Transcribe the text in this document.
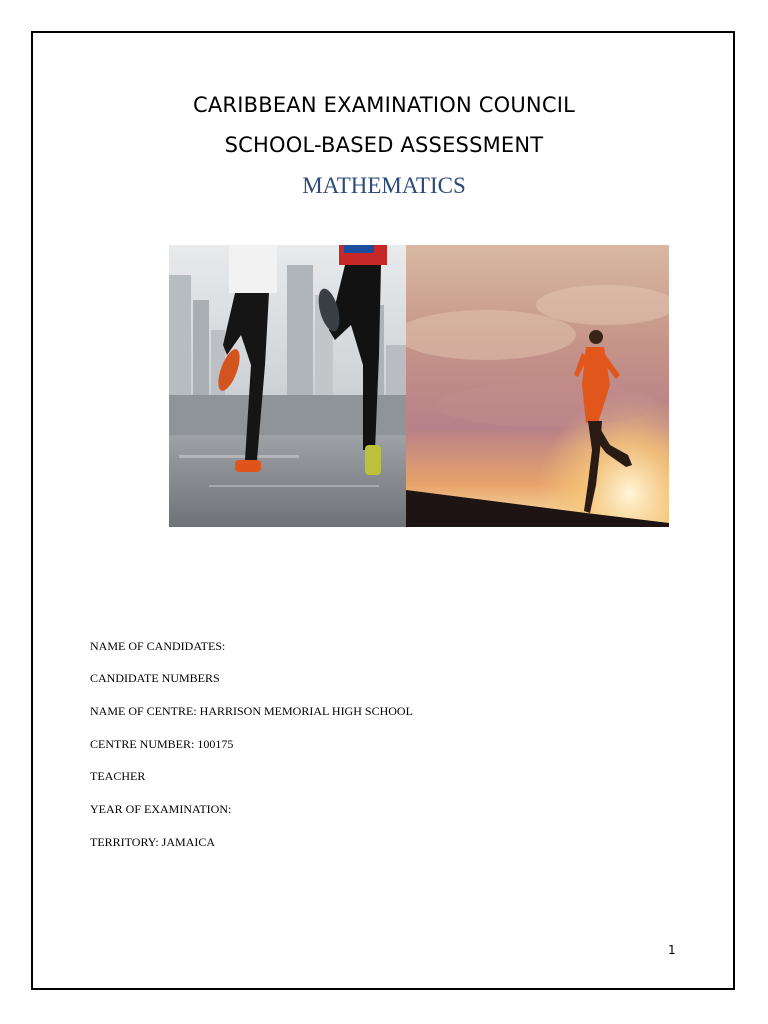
CARIBBEAN EXAMINATION COUNCIL
SCHOOL-BASED ASSESSMENT
MATHEMATICS
NAME OF CANDIDATES:
CANDIDATE NUMBERS
NAME OF CENTRE: HARRISON MEMORIAL HIGH SCHOOL
CENTRE NUMBER: 100175
TEACHER
YEAR OF EXAMINATION:
TERRITORY: JAMAICA
1
